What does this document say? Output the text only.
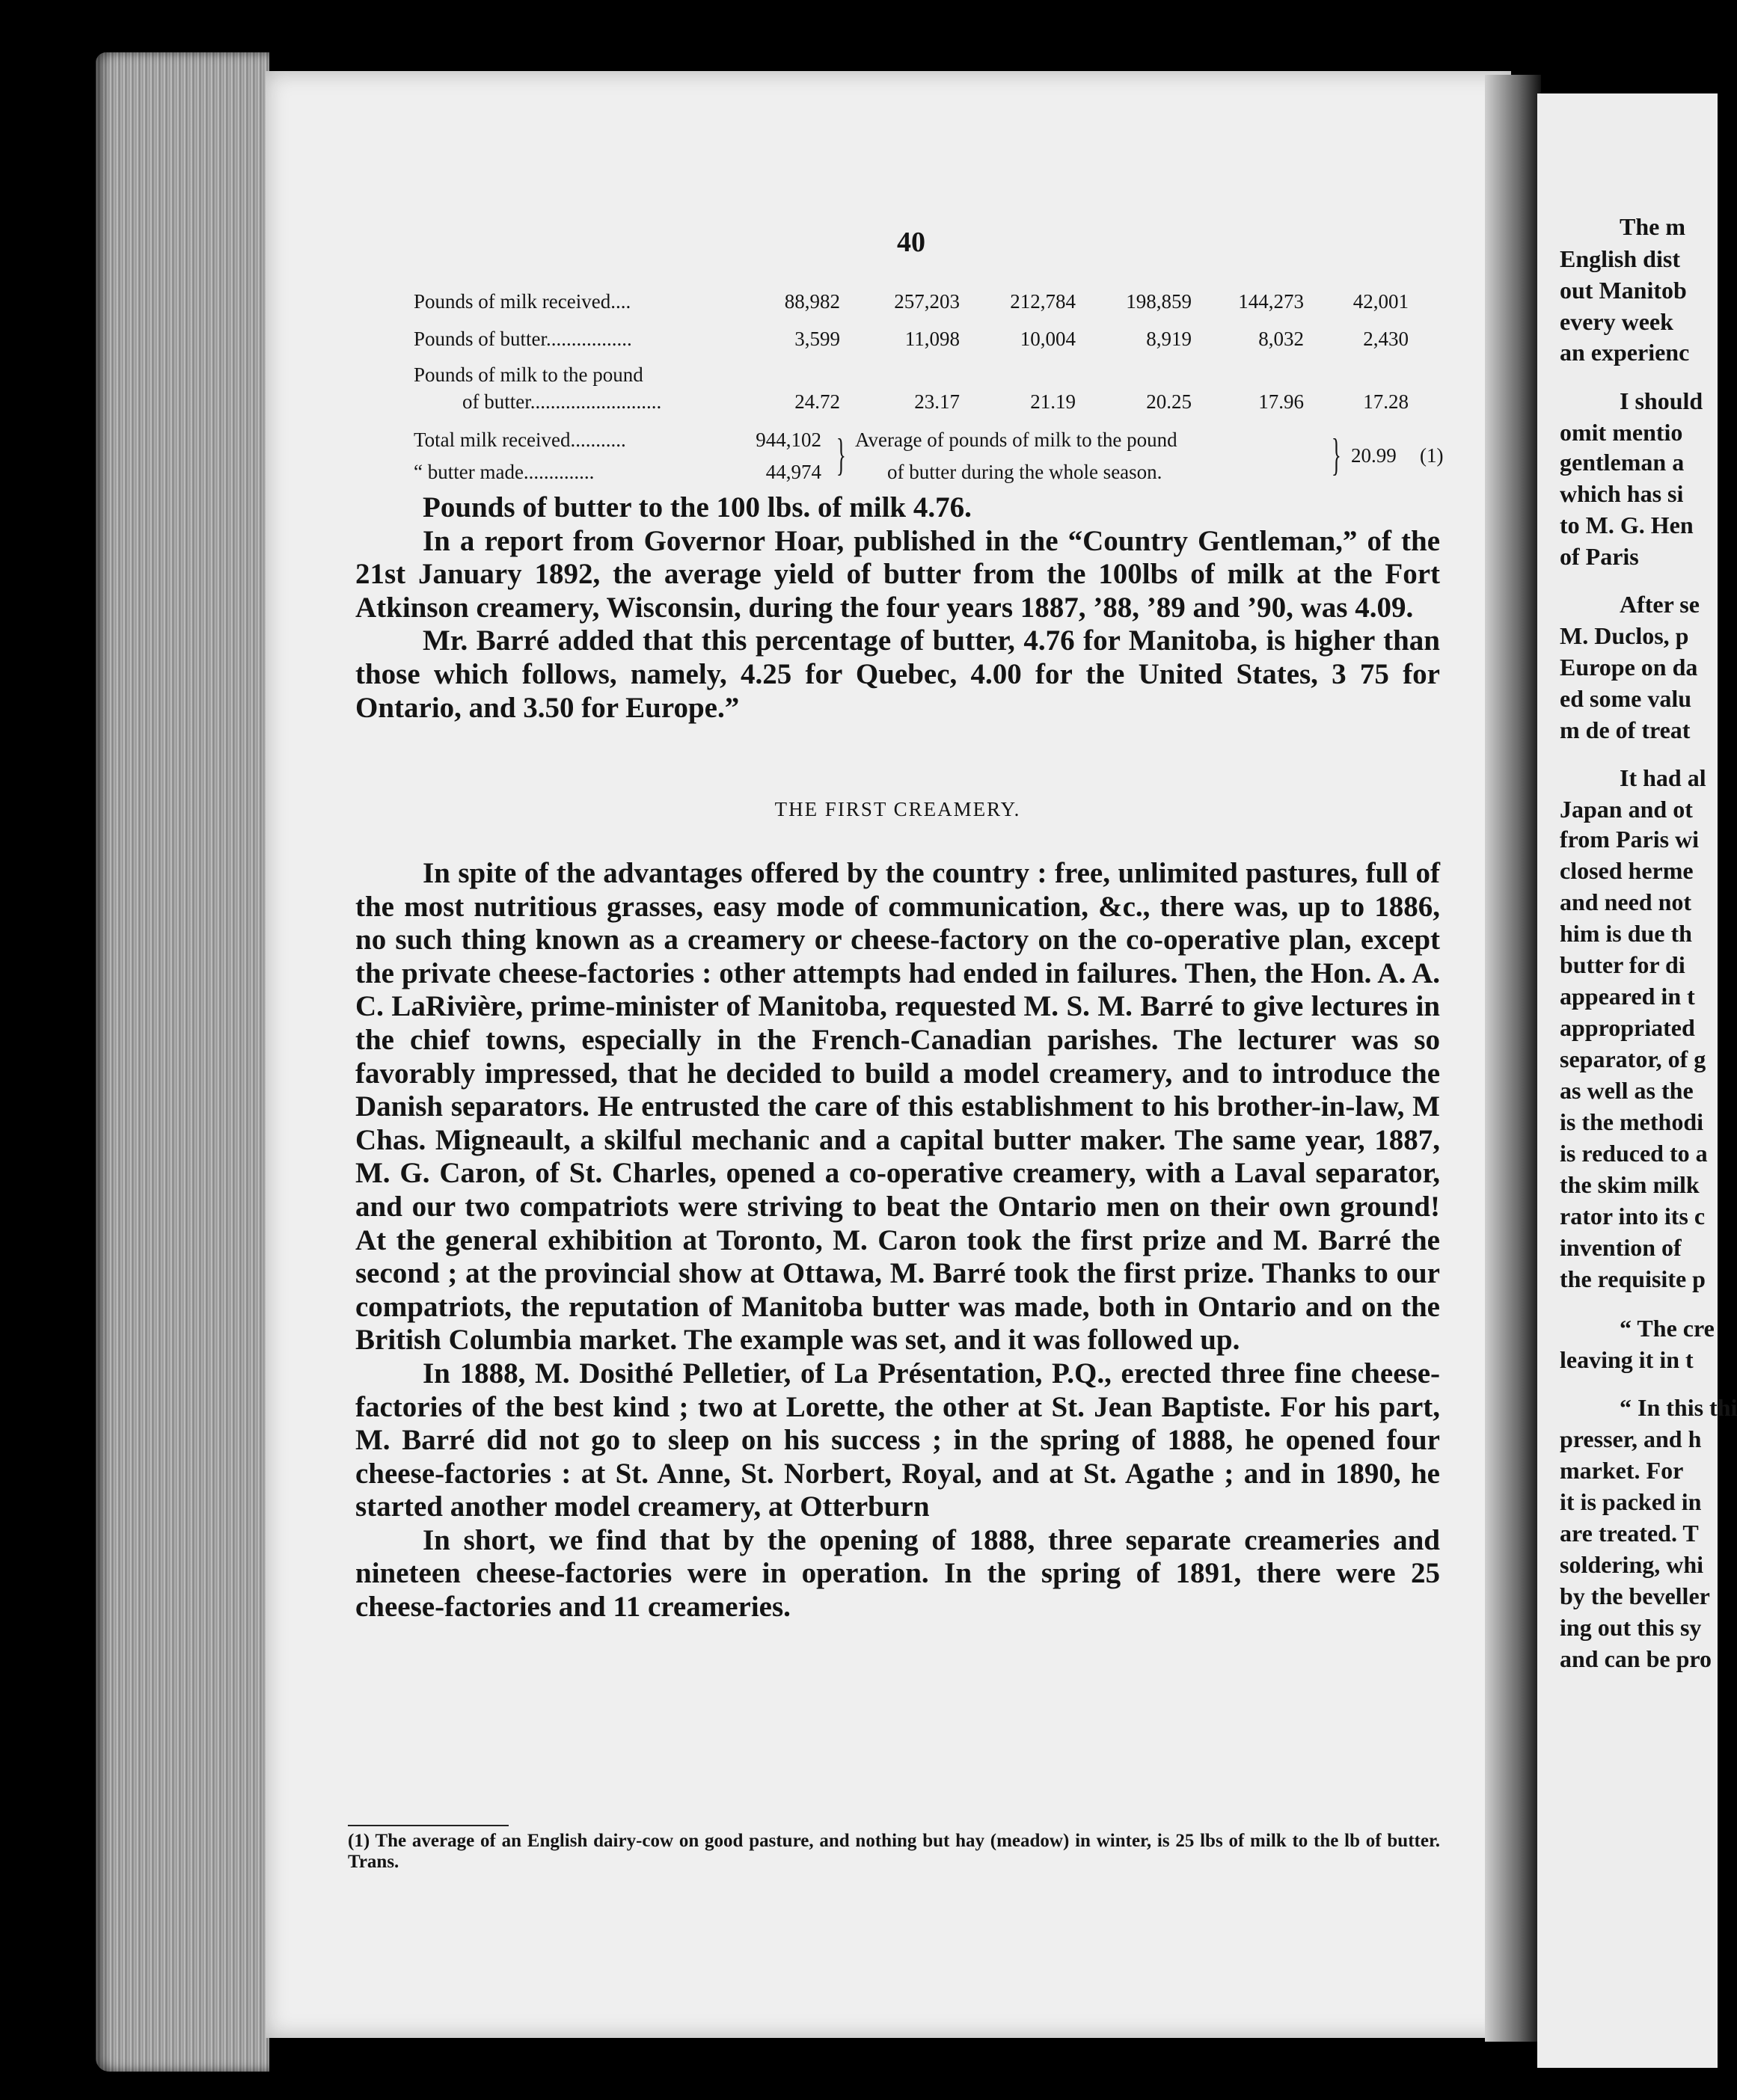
40
Pounds of milk received....	88,982	257,203	212,784	198,859	144,273	42,001
Pounds of butter.................	3,599	11,098	10,004	8,919	8,032	2,430
Pounds of milk to the pound
of butter..........................	24.72	23.17	21.19	20.25	17.96	17.28
Total milk received...........	944,102
“ butter made..............	44,974 } Average of pounds of milk to the pound
of butter during the whole season.	} 20.99 (1)

Pounds of butter to the 100 lbs. of milk 4.76.

In a report from Governor Hoar, published in the “Country Gentleman,” of the 21st January 1892, the average yield of butter from the 100lbs of milk at the Fort Atkinson creamery, Wisconsin, during the four years 1887, ’88, ’89 and ’90, was 4.09.

Mr. Barré added that this percentage of butter, 4.76 for Manitoba, is higher than those which follows, namely, 4.25 for Quebec, 4.00 for the United States, 3 75 for Ontario, and 3.50 for Europe.”

THE FIRST CREAMERY.

In spite of the advantages offered by the country : free, unlimited pastures, full of the most nutritious grasses, easy mode of communication, &c., there was, up to 1886, no such thing known as a creamery or cheese-factory on the co-operative plan, except the private cheese-factories : other attempts had ended in failures. Then, the Hon. A. A. C. LaRivière, prime-minister of Manitoba, requested M. S. M. Barré to give lectures in the chief towns, especially in the French-Canadian parishes. The lecturer was so favorably impressed, that he decided to build a model creamery, and to introduce the Danish separators. He entrusted the care of this establishment to his brother-in-law, M Chas. Migneault, a skilful mechanic and a capital butter maker. The same year, 1887, M. G. Caron, of St. Charles, opened a co-operative creamery, with a Laval separator, and our two compatriots were striving to beat the Ontario men on their own ground! At the general exhibition at Toronto, M. Caron took the first prize and M. Barré the second ; at the provincial show at Ottawa, M. Barré took the first prize. Thanks to our compatriots, the reputation of Manitoba butter was made, both in Ontario and on the British Columbia market. The example was set, and it was followed up.

In 1888, M. Dosithé Pelletier, of La Présentation, P.Q., erected three fine cheese-factories of the best kind ; two at Lorette, the other at St. Jean Baptiste. For his part, M. Barré did not go to sleep on his success ; in the spring of 1888, he opened four cheese-factories : at St. Anne, St. Norbert, Royal, and at St. Agathe ; and in 1890, he started another model creamery, at Otterburn

In short, we find that by the opening of 1888, three separate creameries and nineteen cheese-factories were in operation. In the spring of 1891, there were 25 cheese-factories and 11 creameries.

(1) The average of an English dairy-cow on good pasture, and nothing but hay (meadow) in winter, is 25 lbs of milk to the lb of butter. Trans.
The m
English dist
out Manitob
every week
an experienc
I should
omit mentio
gentleman a
which has si
to M. G. Hen
of Paris
After se
M. Duclos, p
Europe on da
ed some valu
m de of treat
It had al
Japan and ot
from Paris wi
closed herme
and need not
him is due th
butter for di
appeared in t
appropriated
separator, of g
as well as the
is the methodi
is reduced to a
the skim milk
rator into its c
invention of
the requisite p
“ The cre
leaving it in t
“ In this thi
presser, and h
market. For
it is packed in
are treated. T
soldering, whi
by the beveller
ing out this sy
and can be pro
